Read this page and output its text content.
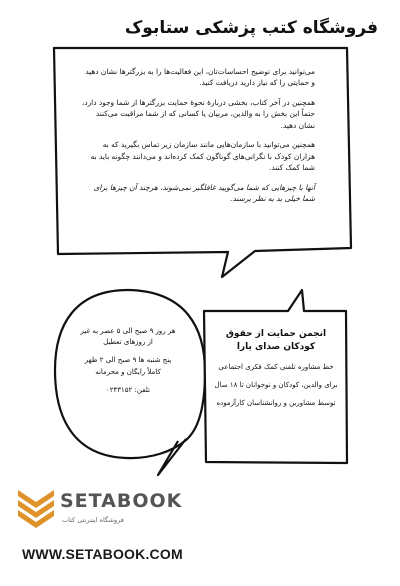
فروشگاه کتب پزشکی ستابوک

می‌توانید برای توضیح احساسات‌تان، این فعالیت‌ها را به بزرگترها نشان دهید و حمایتی را که نیاز دارید دریافت کنید.

همچنین در آخر کتاب، بخشی دربارهٔ نحوهٔ حمایت بزرگترها از شما وجود دارد، حتماً این بخش را به والدین، مربیان یا کسانی که از شما مراقبت می‌کنند نشان دهید.

همچنین می‌توانید با سازمان‌هایی مانند سازمان زیر تماس بگیرید که به هزاران کودک با نگرانی‌های گوناگون کمک کرده‌اند و می‌دانند چگونه باید به شما کمک کنند.

آنها با چیزهایی که شما می‌گویید غافلگیر نمی‌شوند، هرچند آن چیزها برای شما خیلی بد به نظر برسند.

هر روز ۹ صبح الی ۵ عصر به غیر از روزهای تعطیل

پنج شنبه ها ۹ صبح الی ۲ ظهر کاملاً رایگان و محرمانه

تلفن: ۰۲۴۳۱۵۲

انجمن حمایت از حقوق کودکان صدای یارا

خط مشاوره تلفنی کمک فکری اجتماعی

برای والدین، کودکان و نوجوانان تا ۱۸ سال

توسط مشاورین و روانشناسان کارآزموده

SETABOOK
فروشگاه اینترنتی کتاب
WWW.SETABOOK.COM
